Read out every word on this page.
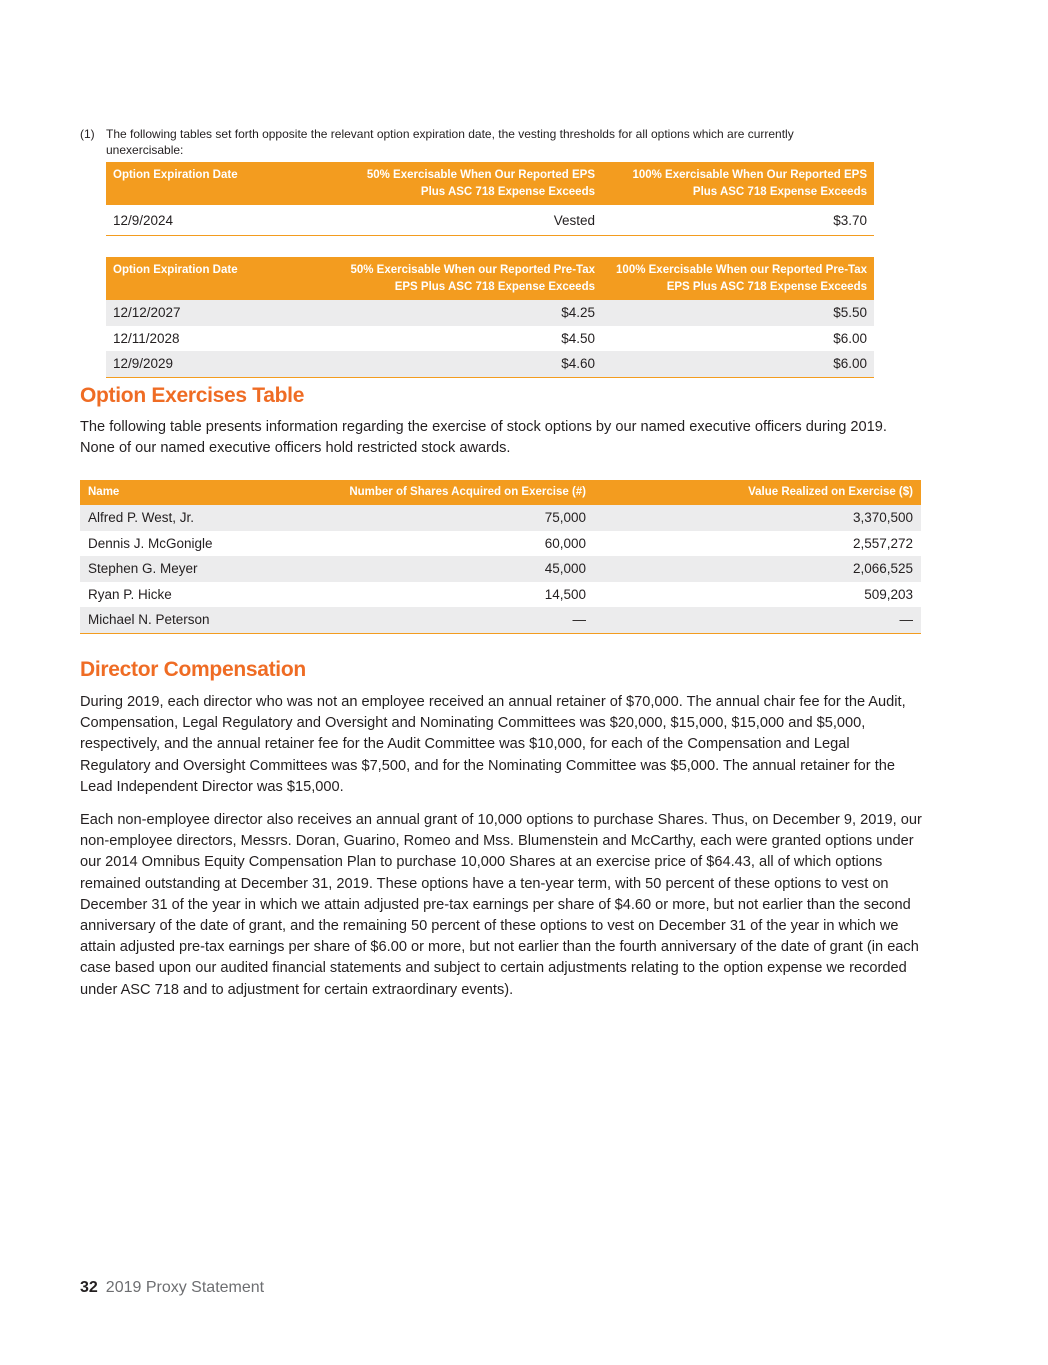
(1) The following tables set forth opposite the relevant option expiration date, the vesting thresholds for all options which are currently unexercisable:
Option Expiration Date	50% Exercisable When Our Reported EPS Plus ASC 718 Expense Exceeds	100% Exercisable When Our Reported EPS Plus ASC 718 Expense Exceeds
12/9/2024	Vested	$3.70
Option Expiration Date	50% Exercisable When our Reported Pre-Tax EPS Plus ASC 718 Expense Exceeds	100% Exercisable When our Reported Pre-Tax EPS Plus ASC 718 Expense Exceeds
12/12/2027	$4.25	$5.50
12/11/2028	$4.50	$6.00
12/9/2029	$4.60	$6.00
Option Exercises Table

The following table presents information regarding the exercise of stock options by our named executive officers during 2019. None of our named executive officers hold restricted stock awards.

Name	Number of Shares Acquired on Exercise (#)	Value Realized on Exercise ($)
Alfred P. West, Jr.	75,000	3,370,500
Dennis J. McGonigle	60,000	2,557,272
Stephen G. Meyer	45,000	2,066,525
Ryan P. Hicke	14,500	509,203
Michael N. Peterson	—	—
Director Compensation

During 2019, each director who was not an employee received an annual retainer of $70,000. The annual chair fee for the Audit, Compensation, Legal Regulatory and Oversight and Nominating Committees was $20,000, $15,000, $15,000 and $5,000, respectively, and the annual retainer fee for the Audit Committee was $10,000, for each of the Compensation and Legal Regulatory and Oversight Committees was $7,500, and for the Nominating Committee was $5,000. The annual retainer for the Lead Independent Director was $15,000.

Each non-employee director also receives an annual grant of 10,000 options to purchase Shares. Thus, on December 9, 2019, our non-employee directors, Messrs. Doran, Guarino, Romeo and Mss. Blumenstein and McCarthy, each were granted options under our 2014 Omnibus Equity Compensation Plan to purchase 10,000 Shares at an exercise price of $64.43, all of which options remained outstanding at December 31, 2019. These options have a ten-year term, with 50 percent of these options to vest on December 31 of the year in which we attain adjusted pre-tax earnings per share of $4.60 or more, but not earlier than the second anniversary of the date of grant, and the remaining 50 percent of these options to vest on December 31 of the year in which we attain adjusted pre-tax earnings per share of $6.00 or more, but not earlier than the fourth anniversary of the date of grant (in each case based upon our audited financial statements and subject to certain adjustments relating to the option expense we recorded under ASC 718 and to adjustment for certain extraordinary events).

32 2019 Proxy Statement
